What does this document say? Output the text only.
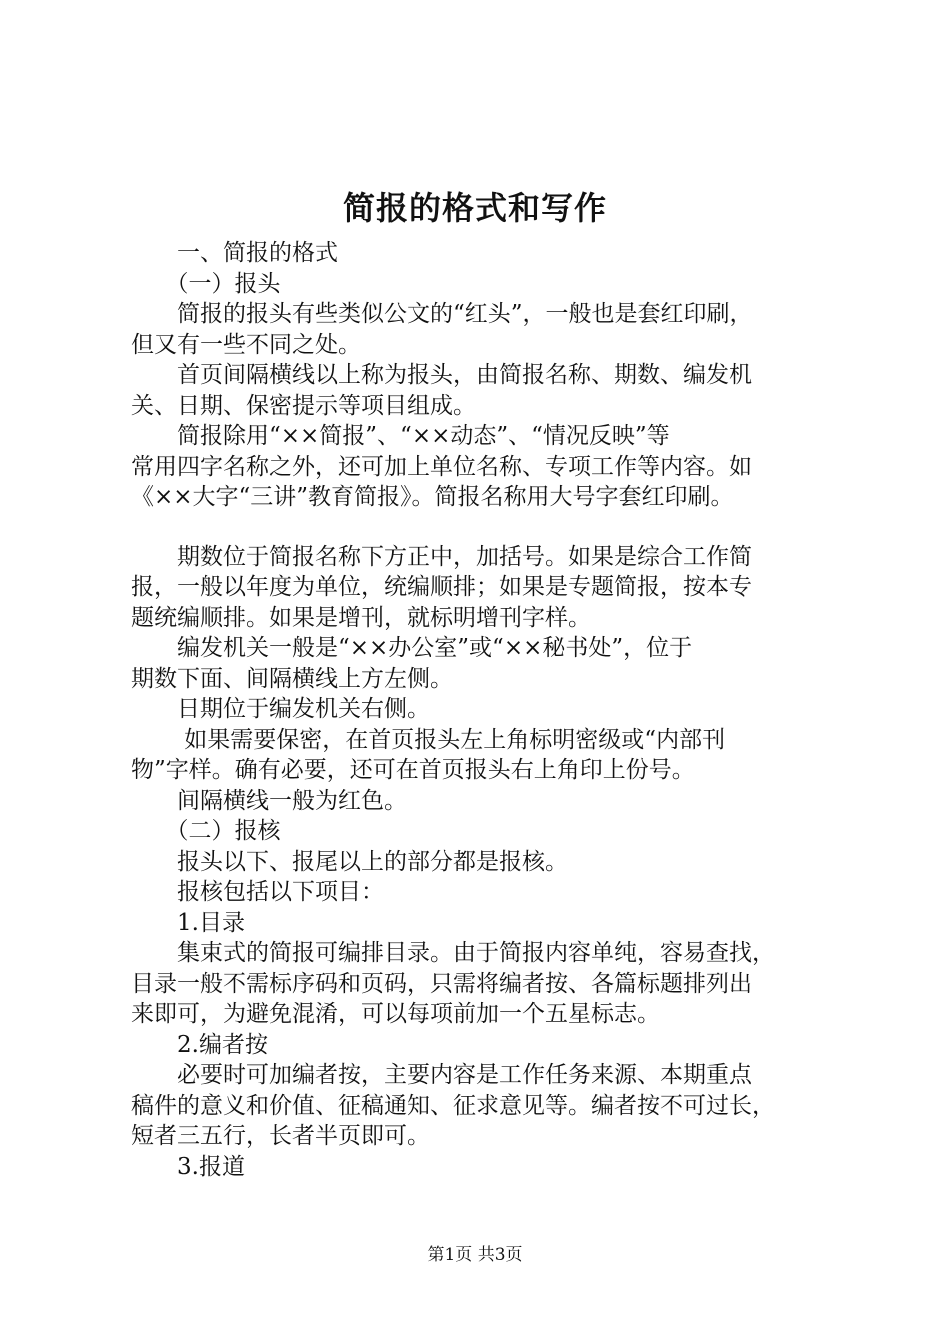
简报的格式和写作
　　一、简报的格式
　　（一）报头
　　简报的报头有些类似公文的“红头”，一般也是套红印刷，
但又有一些不同之处。
　　首页间隔横线以上称为报头，由简报名称、期数、编发机
关、日期、保密提示等项目组成。
　　简报除用“××简报”、“××动态”、“情况反映”等
常用四字名称之外，还可加上单位名称、专项工作等内容。如
《××大字“三讲”教育简报》。简报名称用大号字套红印刷。
　　期数位于简报名称下方正中，加括号。如果是综合工作简
报，一般以年度为单位，统编顺排；如果是专题简报，按本专
题统编顺排。如果是增刊，就标明增刊字样。
　　编发机关一般是“××办公室”或“××秘书处”，位于
期数下面、间隔横线上方左侧。
　　日期位于编发机关右侧。
　　 如果需要保密，在首页报头左上角标明密级或“内部刊
物”字样。确有必要，还可在首页报头右上角印上份号。
　　间隔横线一般为红色。
　　（二）报核
　　报头以下、报尾以上的部分都是报核。
　　报核包括以下项目：
　　1.目录
　　集束式的简报可编排目录。由于简报内容单纯，容易查找，
目录一般不需标序码和页码，只需将编者按、各篇标题排列出
来即可，为避免混淆，可以每项前加一个五星标志。
　　2.编者按
　　必要时可加编者按，主要内容是工作任务来源、本期重点
稿件的意义和价值、征稿通知、征求意见等。编者按不可过长，
短者三五行，长者半页即可。
　　3.报道
第1页 共3页
